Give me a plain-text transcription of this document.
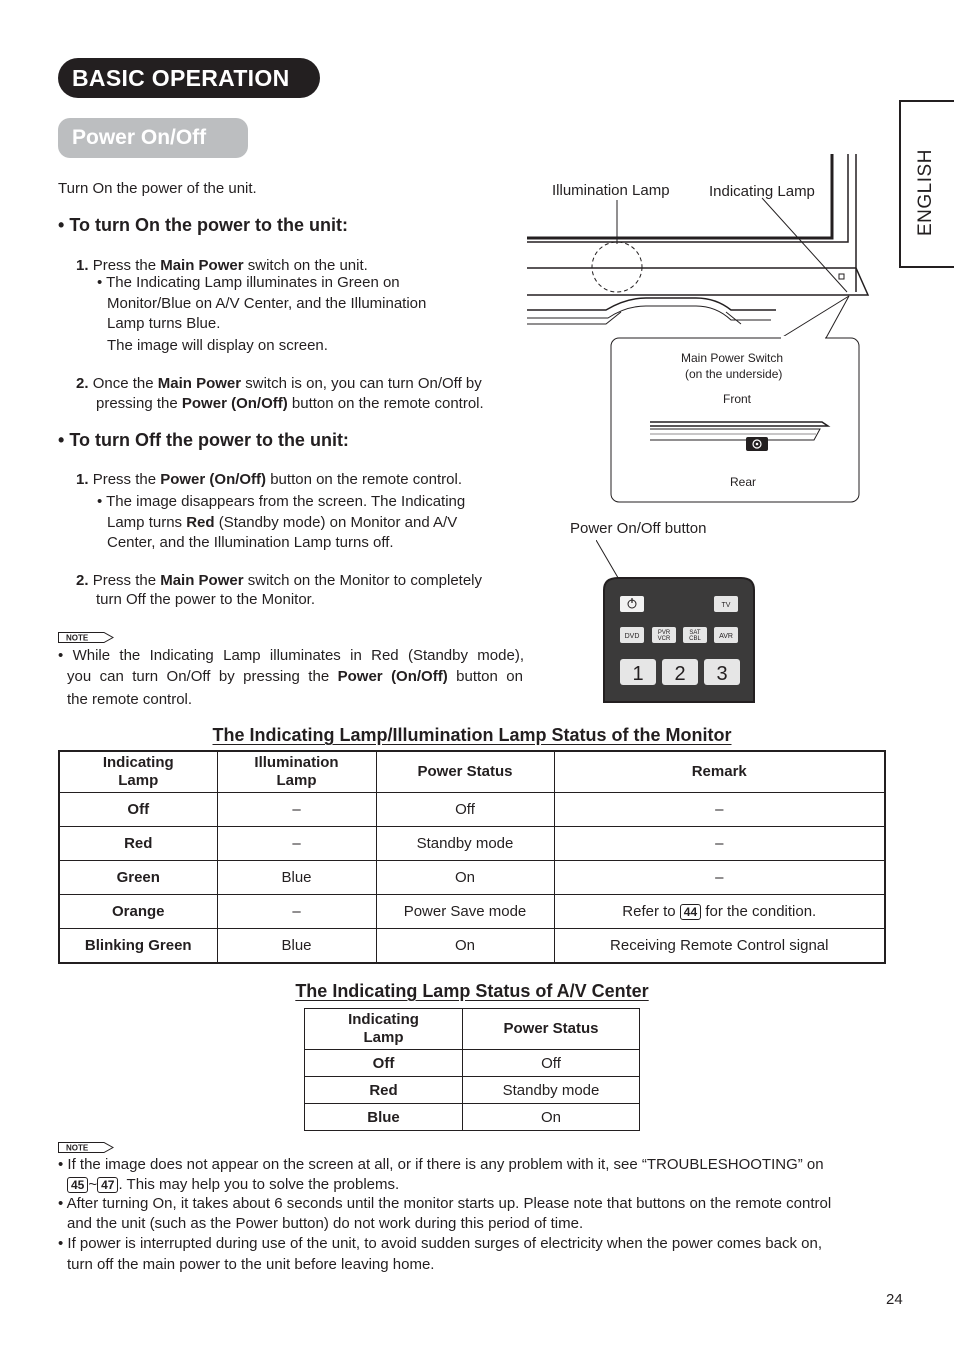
BASIC OPERATION
Power On/Off
ENGLISH
Turn On the power of the unit.
• To turn On the power to the unit:
1. Press the Main Power switch on the unit.
• The Indicating Lamp illuminates in Green on
Monitor/Blue on A/V Center, and the Illumination
Lamp turns Blue.
The image will display on screen.
2. Once the Main Power switch is on, you can turn On/Off by
pressing the Power (On/Off) button on the remote control.
• To turn Off the power to the unit:
1. Press the Power (On/Off) button on the remote control.
• The image disappears from the screen. The Indicating
Lamp turns Red (Standby mode) on Monitor and A/V
Center, and the Illumination Lamp turns off.
2. Press the Main Power switch on the Monitor to completely
turn Off the power to the Monitor.
NOTE
• While the Indicating Lamp illuminates in Red (Standby mode),
you can turn On/Off by pressing the Power (On/Off) button on
the remote control.
Illumination Lamp	Indicating Lamp
Main Power Switch
(on the underside)
Front
Rear
Power On/Off button
TV
DVD	PVR
VCR
SAT
CBL	AVR
1 2 3
The Indicating Lamp/Illumination Lamp Status of the Monitor
Indicating Lamp	Illumination Lamp	Power Status	Remark
Off	–	Off	–
Red	–	Standby mode	–
Green	Blue	On	–
Orange	–	Power Save mode	Refer to 44 for the condition.
Blinking Green	Blue	On	Receiving Remote Control signal
The Indicating Lamp Status of A/V Center
Indicating Lamp	Power Status
Off	Off
Red	Standby mode
Blue	On
NOTE
• If the image does not appear on the screen at all, or if there is any problem with it, see “TROUBLESHOOTING” on
45 ~ 47 . This may help you to solve the problems.
• After turning On, it takes about 6 seconds until the monitor starts up. Please note that buttons on the remote control
and the unit (such as the Power button) do not work during this period of time.
• If power is interrupted during use of the unit, to avoid sudden surges of electricity when the power comes back on,
turn off the main power to the unit before leaving home.
24
